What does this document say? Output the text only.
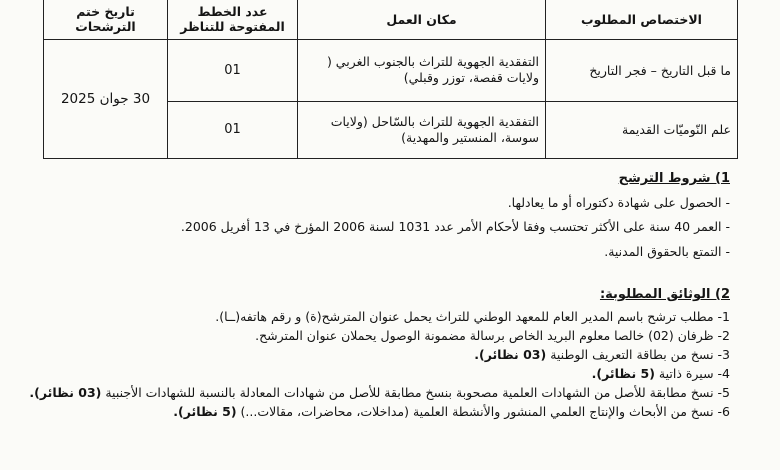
الاختصاص المطلوب	مكان العمل	عدد الخطط المفتوحة للتناظر	تاريخ ختم الترشحات
ما قبل التاريخ – فجر التاريخ	التفقدية الجهوية للتراث بالجنوب الغربي ( ولايات قفصة، توزر وقبلي)	01	30 جوان 2025
علم النّوميّات القديمة	التفقدية الجهوية للتراث بالسّاحل (ولايات سوسة، المنستير والمهدية)	01	
1) شروط الترشح
- الحصول على شهادة دكتوراه أو ما يعادلها.
- العمر 40 سنة على الأكثر تحتسب وفقا لأحكام الأمر عدد 1031 لسنة 2006 المؤرخ في 13 أفريل 2006.
- التمتع بالحقوق المدنية.
2) الوثائق المطلوبة:
1- مطلب ترشح باسم المدير العام للمعهد الوطني للتراث يحمل عنوان المترشح(ة) و رقم هاتفه(ــا).
2- ظرفان (02) خالصا معلوم البريد الخاص برسالة مضمونة الوصول يحملان عنوان المترشح.
3- نسخ من بطاقة التعريف الوطنية (03 نظائر).
4- سيرة ذاتية (5 نظائر).
5- نسخ مطابقة للأصل من الشهادات العلمية مصحوبة بنسخ مطابقة للأصل من شهادات المعادلة بالنسبة للشهادات الأجنبية (03 نظائر).
6- نسخ من الأبحاث والإنتاج العلمي المنشور والأنشطة العلمية (مداخلات، محاضرات، مقالات...) (5 نظائر).
